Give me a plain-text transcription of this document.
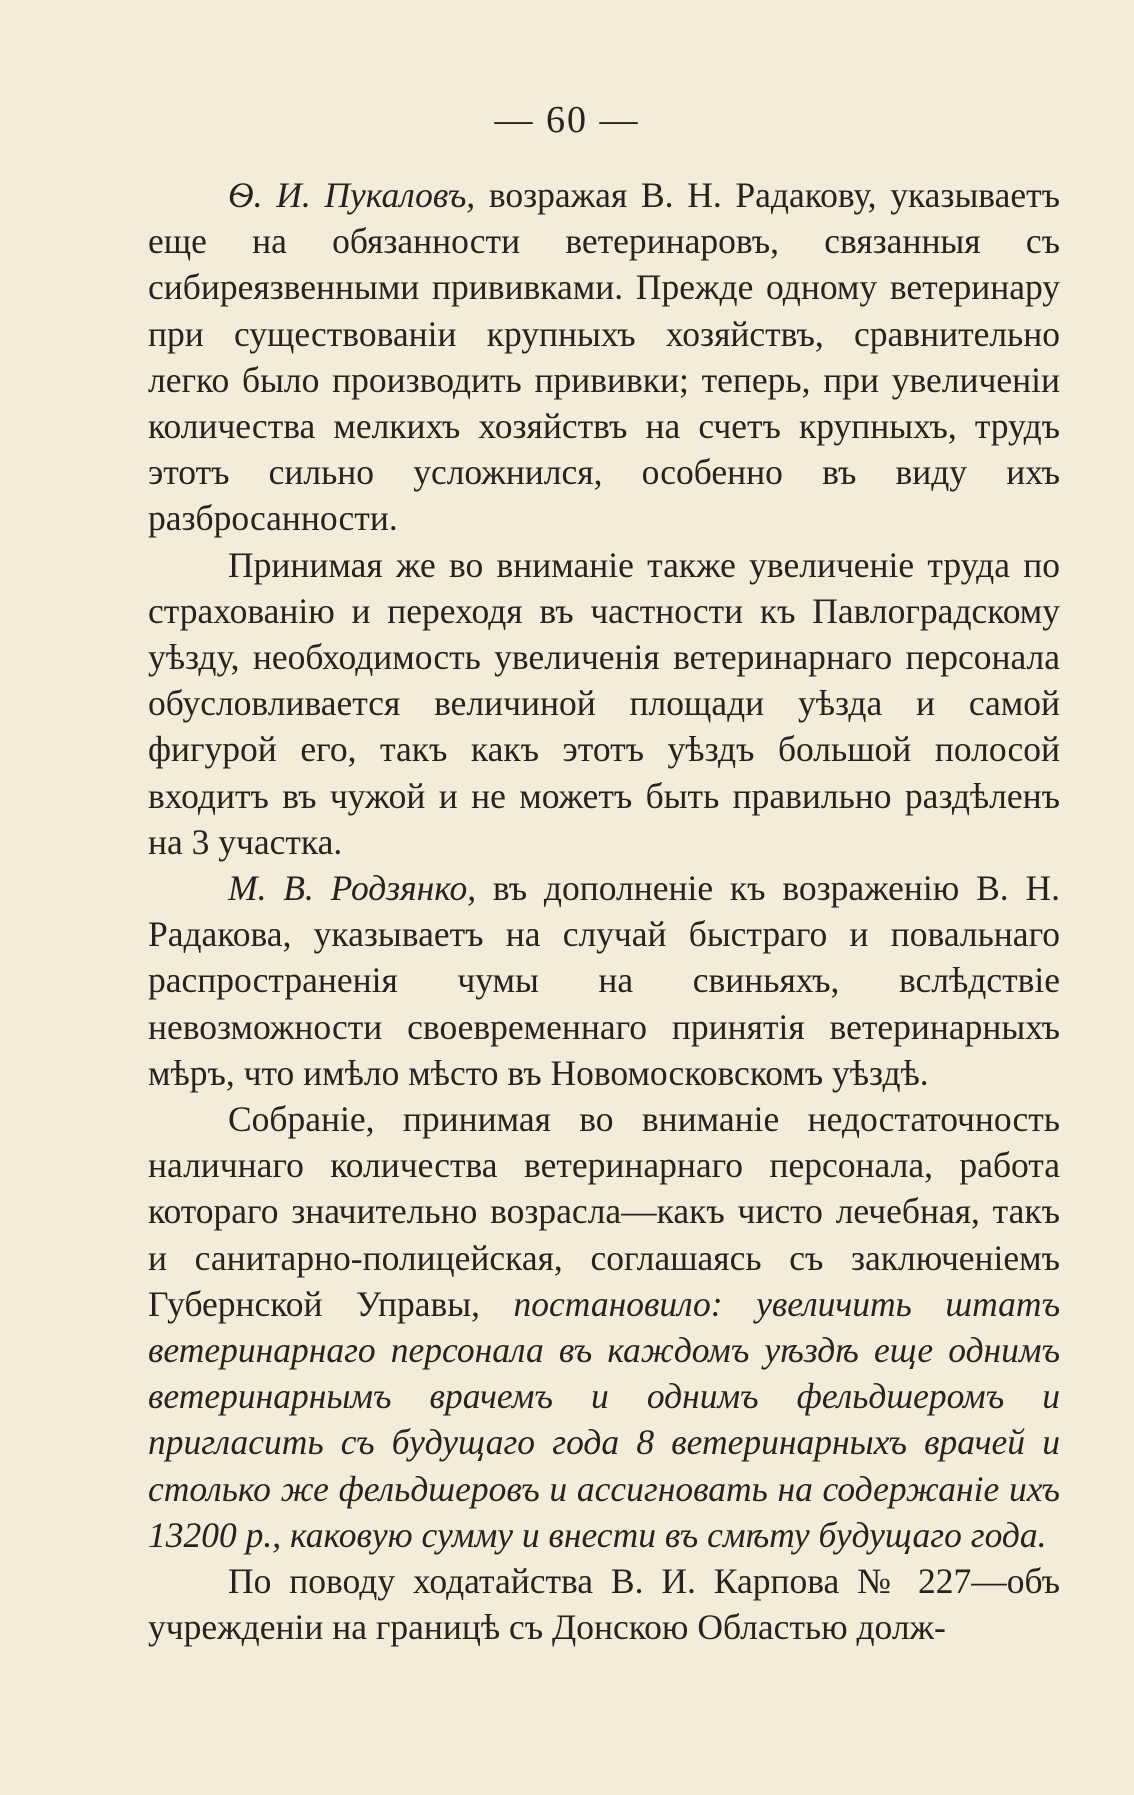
— 60 —

Ѳ. И. Пукаловъ, возражая В. Н. Радакову, указываетъ еще на обязанности ветеринаровъ, связанныя съ сибиреязвенными прививками. Прежде одному ветеринару при существованіи крупныхъ хозяйствъ, сравнительно легко было производить прививки; теперь, при увеличеніи количества мелкихъ хозяйствъ на счетъ крупныхъ, трудъ этотъ сильно усложнился, особенно въ виду ихъ разбросанности.

Принимая же во вниманіе также увеличеніе труда по страхованію и переходя въ частности къ Павлоградскому уѣзду, необходимость увеличенія ветеринарнаго персонала обусловливается величиной площади уѣзда и самой фигурой его, такъ какъ этотъ уѣздъ большой полосой входитъ въ чужой и не можетъ быть правильно раздѣленъ на 3 участка.

М. В. Родзянко, въ дополненіе къ возраженію В. Н. Радакова, указываетъ на случай быстраго и повальнаго распространенія чумы на свиньяхъ, вслѣдствіе невозможности своевременнаго принятія ветеринарныхъ мѣръ, что имѣло мѣсто въ Новомосковскомъ уѣздѣ.

Собраніе, принимая во вниманіе недостаточность наличнаго количества ветеринарнаго персонала, работа котораго значительно возрасла—какъ чисто лечебная, такъ и санитарно-полицейская, соглашаясь съ заключеніемъ Губернской Управы, постановило: увеличить штатъ ветеринарнаго персонала въ каждомъ уѣздѣ еще однимъ ветеринарнымъ врачемъ и однимъ фельдшеромъ и пригласить съ будущаго года 8 ветеринарныхъ врачей и столько же фельдшеровъ и ассигновать на содержаніе ихъ 13200 р., каковую сумму и внести въ смѣту будущаго года.

По поводу ходатайства В. И. Карпова № 227—объ учрежденіи на границѣ съ Донскою Областью долж-
